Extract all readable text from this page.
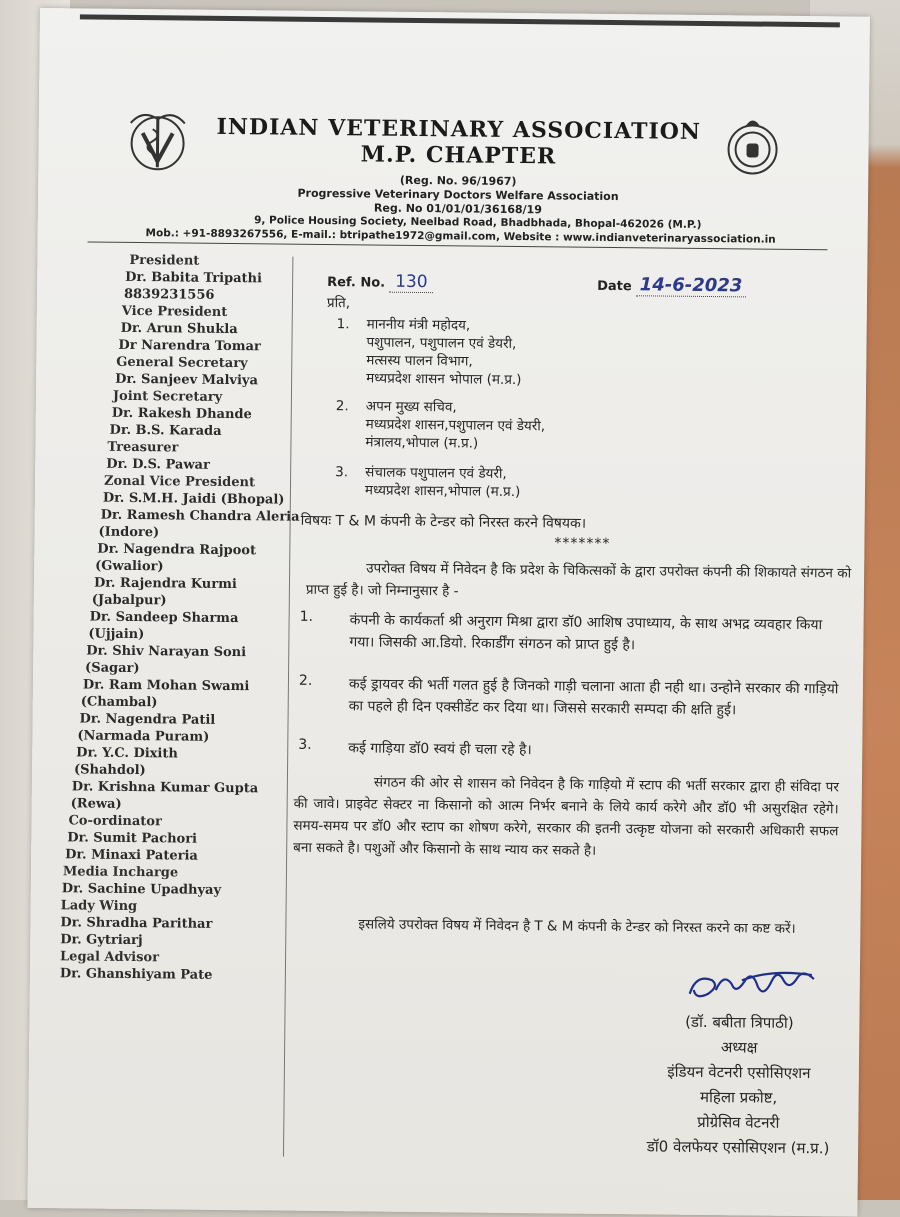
INDIAN VETERINARY ASSOCIATION
M.P. CHAPTER
(Reg. No. 96/1967)
Progressive Veterinary Doctors Welfare Association
Reg. No 01/01/01/36168/19
9, Police Housing Society, Neelbad Road, Bhadbhada, Bhopal-462026 (M.P.)
Mob.: +91-8893267556, E-mail.: btripathe1972@gmail.com, Website : www.indianveterinaryassociation.in
President
Dr. Babita Tripathi
8839231556
Vice President
Dr. Arun Shukla
Dr Narendra Tomar
General Secretary
Dr. Sanjeev Malviya
Joint Secretary
Dr. Rakesh Dhande
Dr. B.S. Karada
Treasurer
Dr. D.S. Pawar
Zonal Vice President
Dr. S.M.H. Jaidi (Bhopal)
Dr. Ramesh Chandra Aleria
(Indore)
Dr. Nagendra Rajpoot
(Gwalior)
Dr. Rajendra Kurmi
(Jabalpur)
Dr. Sandeep Sharma
(Ujjain)
Dr. Shiv Narayan Soni
(Sagar)
Dr. Ram Mohan Swami
(Chambal)
Dr. Nagendra Patil
(Narmada Puram)
Dr. Y.C. Dixith
(Shahdol)
Dr. Krishna Kumar Gupta
(Rewa)
Co-ordinator
Dr. Sumit Pachori
Dr. Minaxi Pateria
Media Incharge
Dr. Sachine Upadhyay
Lady Wing
Dr. Shradha Parithar
Dr. Gytriarj
Legal Advisor
Dr. Ghanshiyam Pate
Ref. No. 130	Date 14-6-2023
प्रति,
1. माननीय मंत्री महोदय,
पशुपालन, पशुपालन एवं डेयरी,
मत्सस्य पालन विभाग,
मध्यप्रदेश शासन भोपाल (म.प्र.)
2. अपन मुख्य सचिव,
मध्यप्रदेश शासन,पशुपालन एवं डेयरी,
मंत्रालय,भोपाल (म.प्र.)
3. संचालक पशुपालन एवं डेयरी,
मध्यप्रदेश शासन,भोपाल (म.प्र.)
विषयः T & M कंपनी के टेन्डर को निरस्त करने विषयक।
*******
उपरोक्त विषय में निवेदन है कि प्रदेश के चिकित्सकों के द्वारा उपरोक्त कंपनी की शिकायते संगठन को प्राप्त हुई है। जो निम्नानुसार है -
1.	कंपनी के कार्यकर्ता श्री अनुराग मिश्रा द्वारा डॉ0 आशिष उपाध्याय, के साथ अभद्र व्यवहार किया गया। जिसकी आ.डियो. रिकार्डींग संगठन को प्राप्त हुई है।
2.	कई ड्रायवर की भर्ती गलत हुई है जिनको गाड़ी चलाना आता ही नही था। उन्होने सरकार की गाड़ियो का पहले ही दिन एक्सीडेंट कर दिया था। जिससे सरकारी सम्पदा की क्षति हुई।
3.	कई गाड़िया डॉ0 स्वयं ही चला रहे है।
संगठन की ओर से शासन को निवेदन है कि गाड़ियो में स्टाप की भर्ती सरकार द्वारा ही संविदा पर की जावे। प्राइवेट सेक्टर ना किसानो को आत्म निर्भर बनाने के लिये कार्य करेगे और डॉ0 भी असुरक्षित रहेगे। समय-समय पर डॉ0 और स्टाप का शोषण करेगे, सरकार की इतनी उत्कृष्ट योजना को सरकारी अधिकारी सफल बना सकते है। पशुओं और किसानो के साथ न्याय कर सकते है।
इसलिये उपरोक्त विषय में निवेदन है T & M कंपनी के टेन्डर को निरस्त करने का कष्ट करें।
(डॉ. बबीता त्रिपाठी)
अध्यक्ष
इंडियन वेटनरी एसोसिएशन
महिला प्रकोष्ट,
प्रोग्रेसिव वेटनरी
डॉ0 वेलफेयर एसोसिएशन (म.प्र.)
